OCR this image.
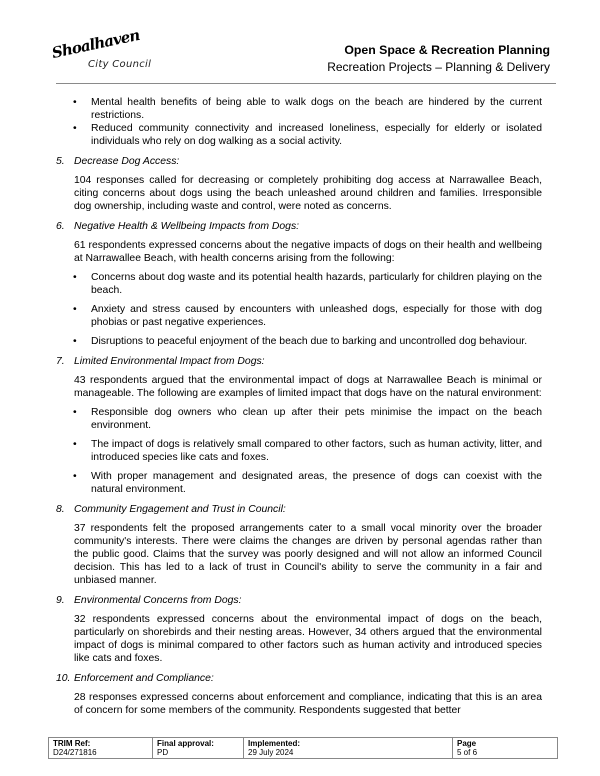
Shoalhaven
City Council
Open Space & Recreation Planning
Recreation Projects – Planning & Delivery
• Mental health benefits of being able to walk dogs on the beach are hindered by the current restrictions.
• Reduced community connectivity and increased loneliness, especially for elderly or isolated individuals who rely on dog walking as a social activity.
5. Decrease Dog Access:
104 responses called for decreasing or completely prohibiting dog access at Narrawallee Beach, citing concerns about dogs using the beach unleashed around children and families. Irresponsible dog ownership, including waste and control, were noted as concerns.
6. Negative Health & Wellbeing Impacts from Dogs:
61 respondents expressed concerns about the negative impacts of dogs on their health and wellbeing at Narrawallee Beach, with health concerns arising from the following:
• Concerns about dog waste and its potential health hazards, particularly for children playing on the beach.
• Anxiety and stress caused by encounters with unleashed dogs, especially for those with dog phobias or past negative experiences.
• Disruptions to peaceful enjoyment of the beach due to barking and uncontrolled dog behaviour.
7. Limited Environmental Impact from Dogs:
43 respondents argued that the environmental impact of dogs at Narrawallee Beach is minimal or manageable. The following are examples of limited impact that dogs have on the natural environment:
• Responsible dog owners who clean up after their pets minimise the impact on the beach environment.
• The impact of dogs is relatively small compared to other factors, such as human activity, litter, and introduced species like cats and foxes.
• With proper management and designated areas, the presence of dogs can coexist with the natural environment.
8. Community Engagement and Trust in Council:
37 respondents felt the proposed arrangements cater to a small vocal minority over the broader community's interests. There were claims the changes are driven by personal agendas rather than the public good. Claims that the survey was poorly designed and will not allow an informed Council decision. This has led to a lack of trust in Council's ability to serve the community in a fair and unbiased manner.
9. Environmental Concerns from Dogs:
32 respondents expressed concerns about the environmental impact of dogs on the beach, particularly on shorebirds and their nesting areas. However, 34 others argued that the environmental impact of dogs is minimal compared to other factors such as human activity and introduced species like cats and foxes.
10. Enforcement and Compliance:
28 responses expressed concerns about enforcement and compliance, indicating that this is an area of concern for some members of the community. Respondents suggested that better
TRIM Ref:
D24/271816

Final approval:
PD

Implemented:
29 July 2024

Page
5 of 6
